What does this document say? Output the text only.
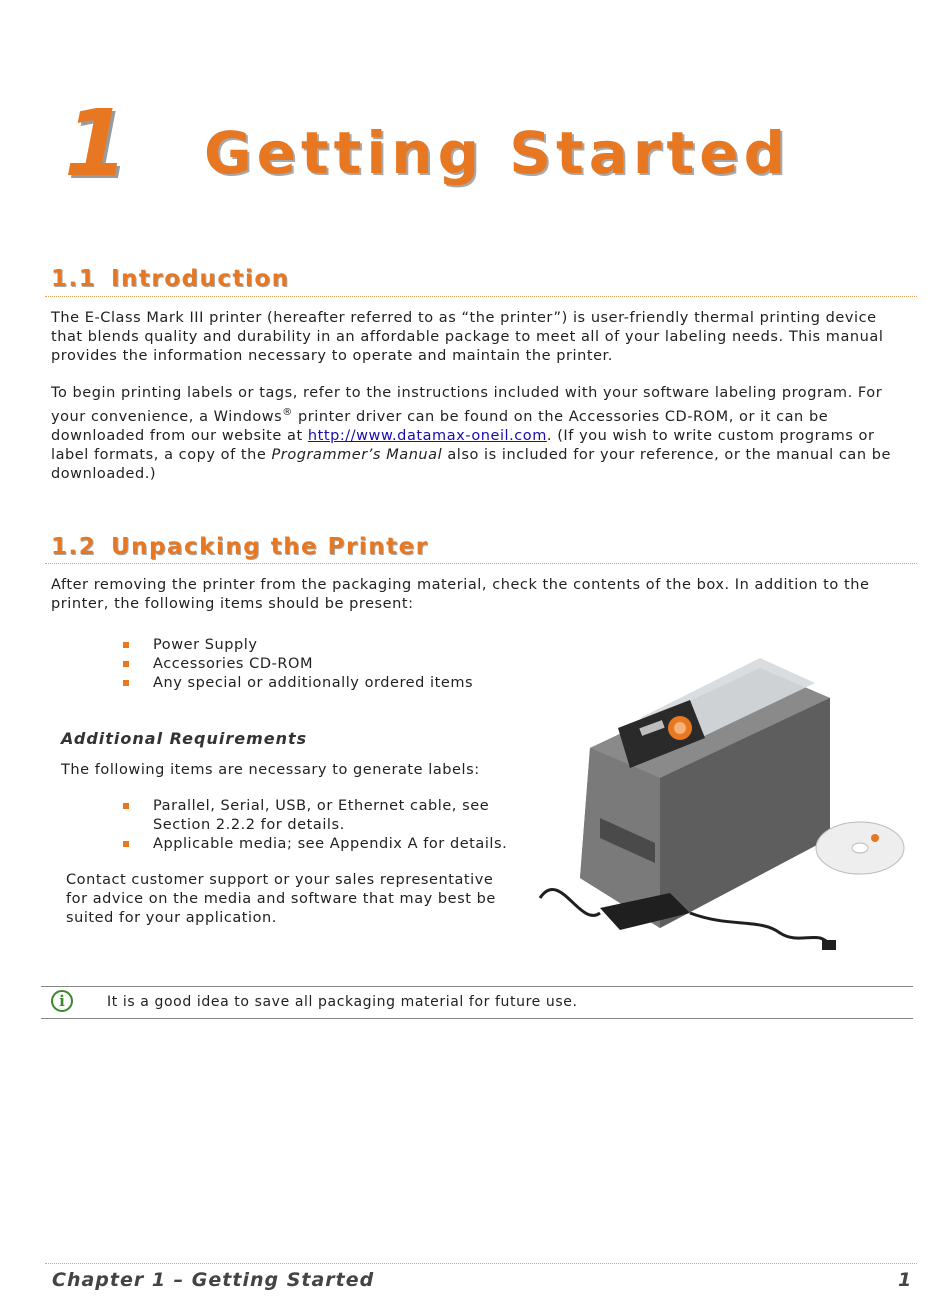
1 Getting Started
1.1 Introduction

The E-Class Mark III printer (hereafter referred to as “the printer”) is user-friendly thermal printing device that blends quality and durability in an affordable package to meet all of your labeling needs. This manual provides the information necessary to operate and maintain the printer.

To begin printing labels or tags, refer to the instructions included with your software labeling program. For your convenience, a Windows® printer driver can be found on the Accessories CD-ROM, or it can be downloaded from our website at http://www.datamax-oneil.com. (If you wish to write custom programs or label formats, a copy of the Programmer’s Manual also is included for your reference, or the manual can be downloaded.)

1.2 Unpacking the Printer

After removing the printer from the packaging material, check the contents of the box. In addition to the printer, the following items should be present:

Power Supply
Accessories CD-ROM
Any special or additionally ordered items
Additional Requirements

The following items are necessary to generate labels:

Parallel, Serial, USB, or Ethernet cable, see Section 2.2.2 for details.
Applicable media; see Appendix A for details.

Contact customer support or your sales representative for advice on the media and software that may best be suited for your application.

i	It is a good idea to save all packaging material for future use.
Chapter 1 – Getting Started	1
